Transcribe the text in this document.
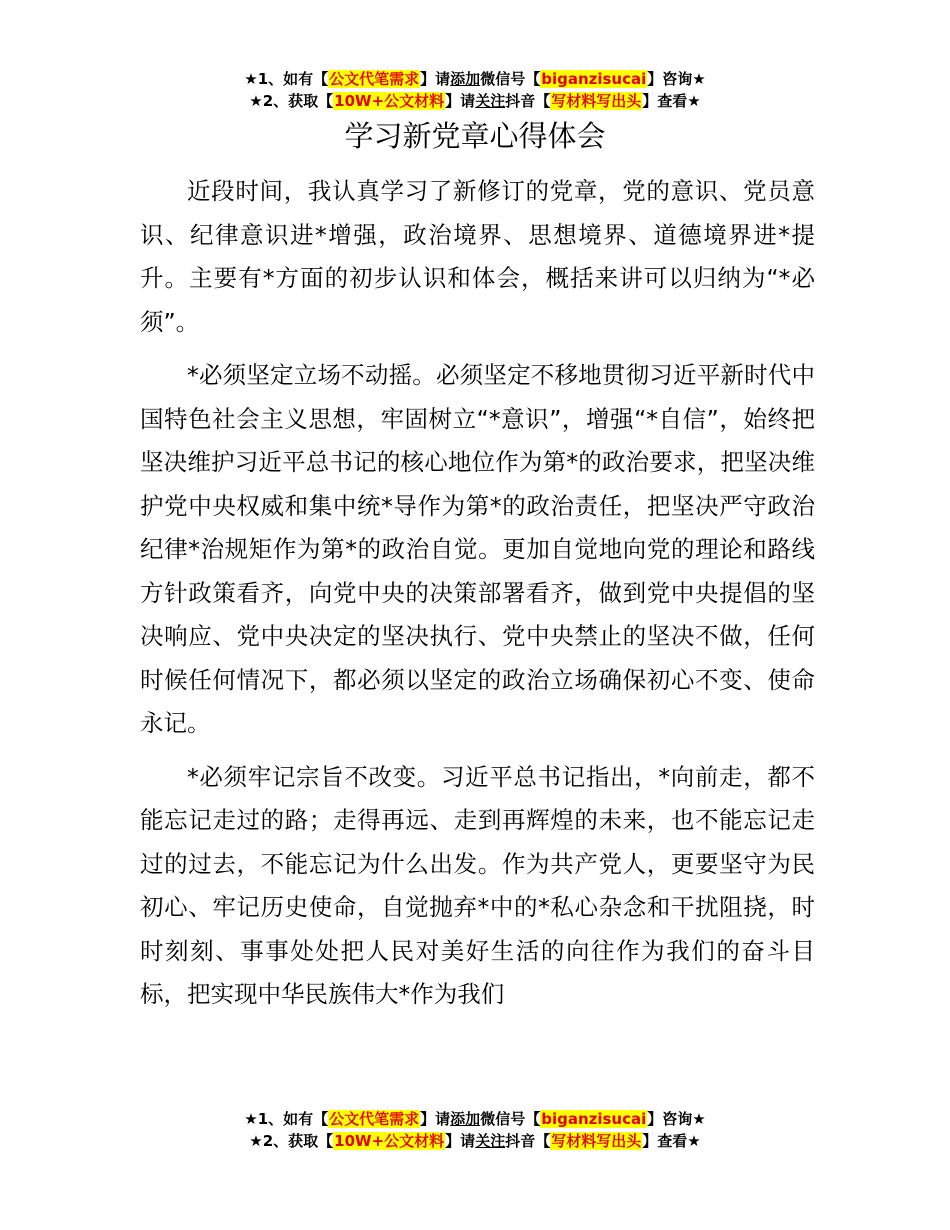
★1、如有【公文代笔需求】请添加微信号【biganzisucai】咨询★
★2、获取【10W+公文材料】请关注抖音【写材料写出头】查看★
学习新党章心得体会

近段时间，我认真学习了新修订的党章，党的意识、党员意识、纪律意识进*增强，政治境界、思想境界、道德境界进*提升。主要有*方面的初步认识和体会，概括来讲可以归纳为“*必须”。

*必须坚定立场不动摇。必须坚定不移地贯彻习近平新时代中国特色社会主义思想，牢固树立“*意识”，增强“*自信”，始终把坚决维护习近平总书记的核心地位作为第*的政治要求，把坚决维护党中央权威和集中统*导作为第*的政治责任，把坚决严守政治纪律*治规矩作为第*的政治自觉。更加自觉地向党的理论和路线方针政策看齐，向党中央的决策部署看齐，做到党中央提倡的坚决响应、党中央决定的坚决执行、党中央禁止的坚决不做，任何时候任何情况下，都必须以坚定的政治立场确保初心不变、使命永记。

*必须牢记宗旨不改变。习近平总书记指出，*向前走，都不能忘记走过的路；走得再远、走到再辉煌的未来，也不能忘记走过的过去，不能忘记为什么出发。作为共产党人，更要坚守为民初心、牢记历史使命，自觉抛弃*中的*私心杂念和干扰阻挠，时时刻刻、事事处处把人民对美好生活的向往作为我们的奋斗目标，把实现中华民族伟大*作为我们

★1、如有【公文代笔需求】请添加微信号【biganzisucai】咨询★
★2、获取【10W+公文材料】请关注抖音【写材料写出头】查看★
